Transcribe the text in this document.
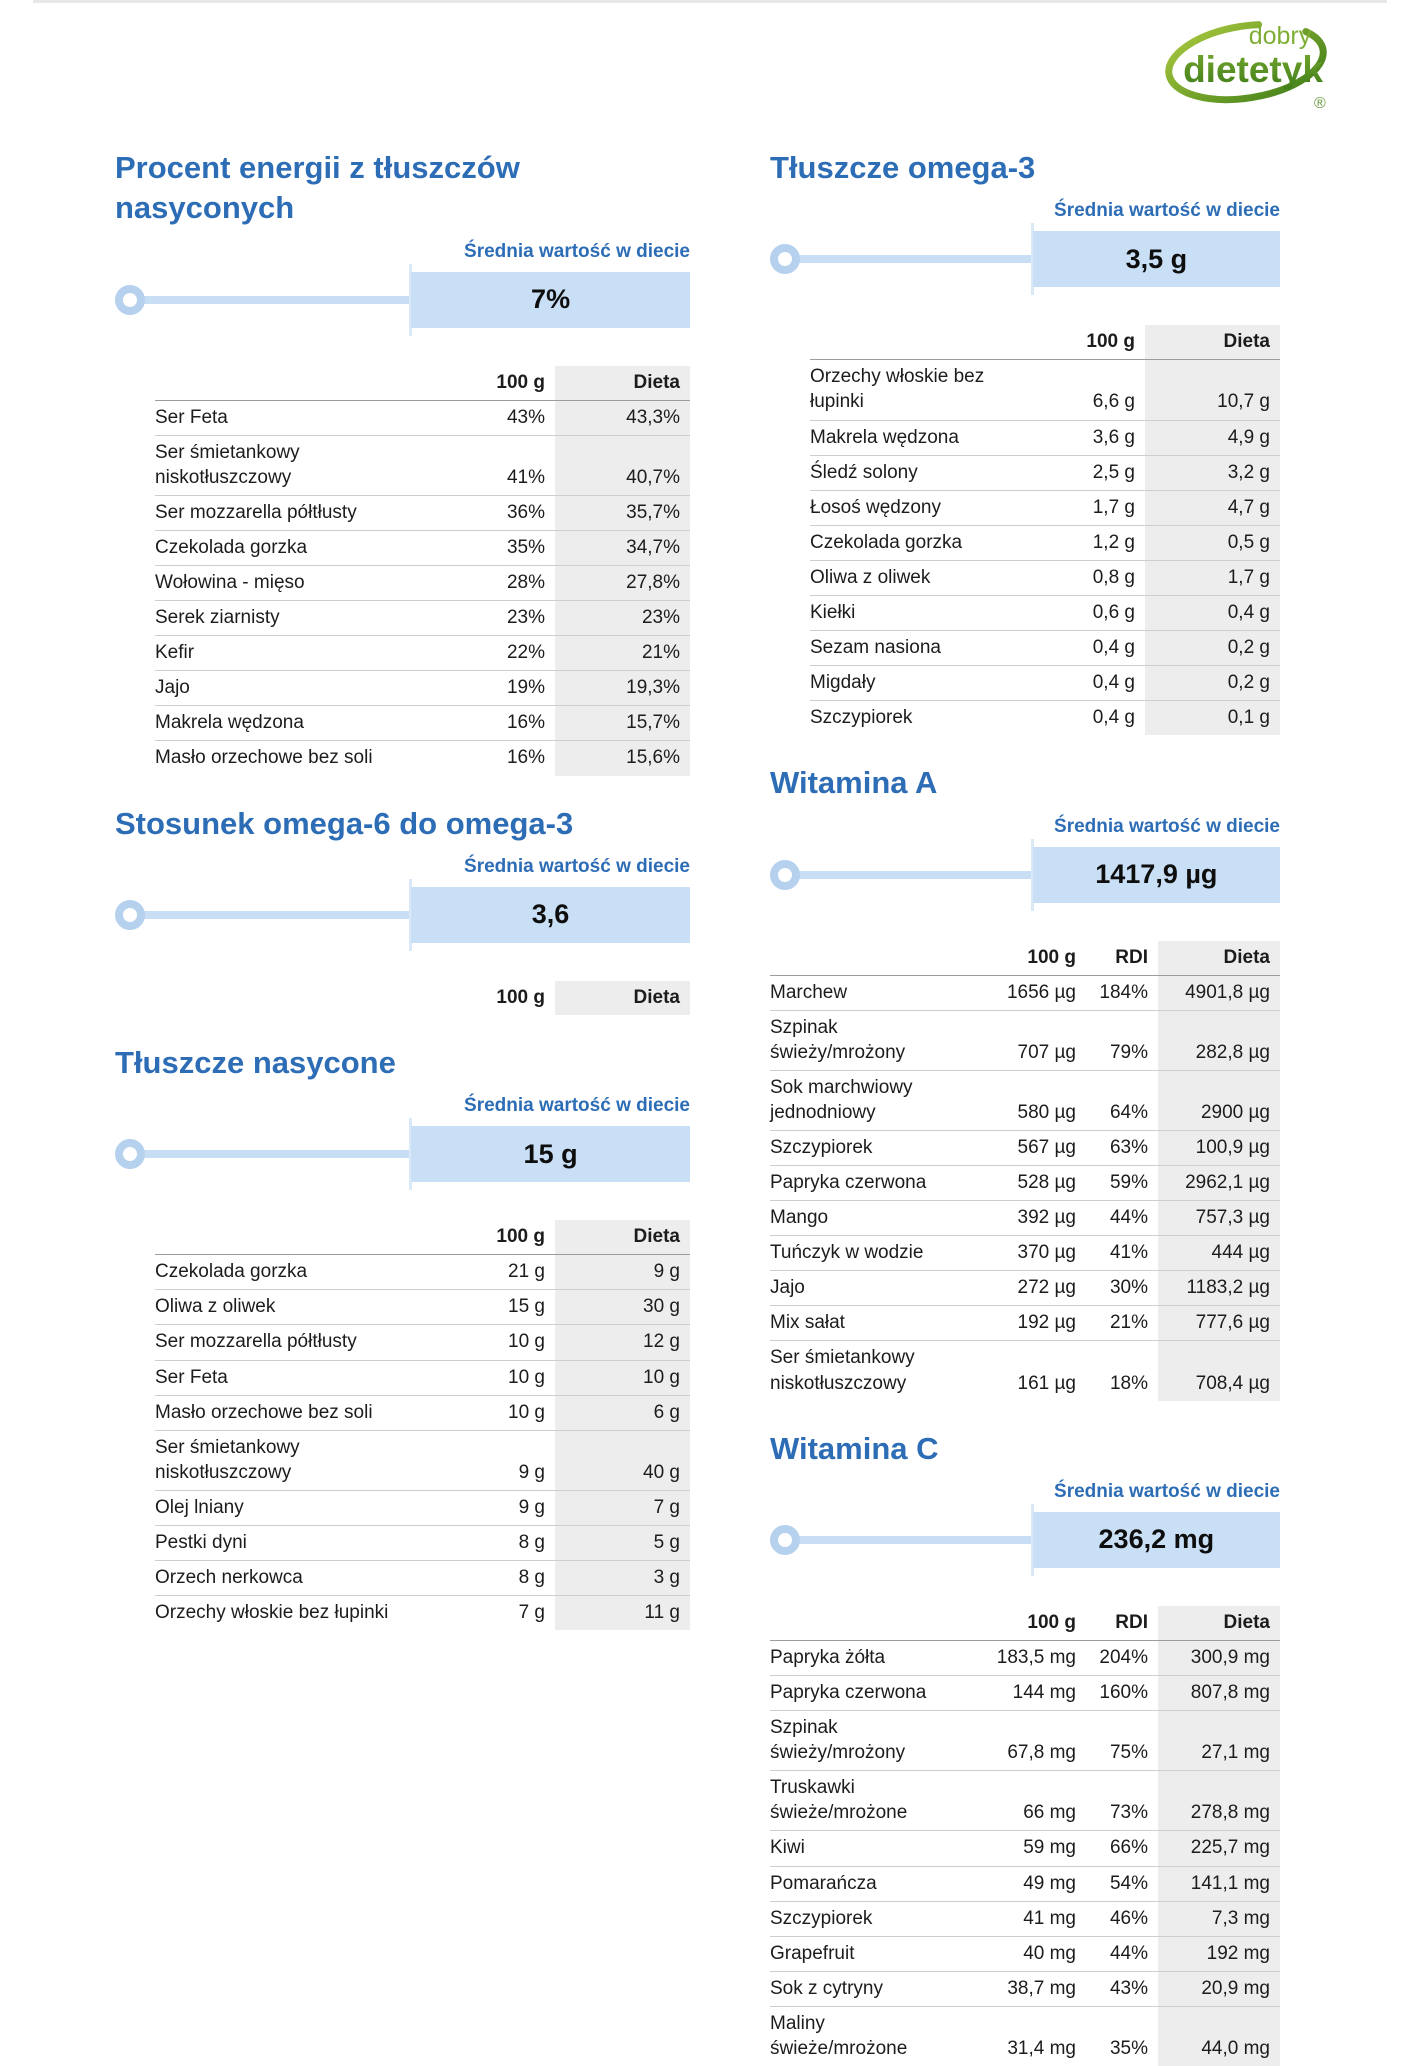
dobry
dietetyk
®
Procent energii z tłuszczów nasyconych
Średnia wartość w diecie
7%
	100 g	Dieta
Ser Feta	43%	43,3%
Ser śmietankowy niskotłuszczowy	41%	40,7%
Ser mozzarella półtłusty	36%	35,7%
Czekolada gorzka	35%	34,7%
Wołowina - mięso	28%	27,8%
Serek ziarnisty	23%	23%
Kefir	22%	21%
Jajo	19%	19,3%
Makrela wędzona	16%	15,7%
Masło orzechowe bez soli	16%	15,6%
Stosunek omega-6 do omega-3
Średnia wartość w diecie
3,6
	100 g	Dieta
Tłuszcze nasycone
Średnia wartość w diecie
15 g
	100 g	Dieta
Czekolada gorzka	21 g	9 g
Oliwa z oliwek	15 g	30 g
Ser mozzarella półtłusty	10 g	12 g
Ser Feta	10 g	10 g
Masło orzechowe bez soli	10 g	6 g
Ser śmietankowy niskotłuszczowy	9 g	40 g
Olej lniany	9 g	7 g
Pestki dyni	8 g	5 g
Orzech nerkowca	8 g	3 g
Orzechy włoskie bez łupinki	7 g	11 g
Tłuszcze omega-3
Średnia wartość w diecie
3,5 g
	100 g	Dieta
Orzechy włoskie bez łupinki	6,6 g	10,7 g
Makrela wędzona	3,6 g	4,9 g
Śledź solony	2,5 g	3,2 g
Łosoś wędzony	1,7 g	4,7 g
Czekolada gorzka	1,2 g	0,5 g
Oliwa z oliwek	0,8 g	1,7 g
Kiełki	0,6 g	0,4 g
Sezam nasiona	0,4 g	0,2 g
Migdały	0,4 g	0,2 g
Szczypiorek	0,4 g	0,1 g
Witamina A
Średnia wartość w diecie
1417,9 µg
	100 g	RDI	Dieta
Marchew	1656 µg	184%	4901,8 µg
Szpinak świeży/mrożony	707 µg	79%	282,8 µg
Sok marchwiowy jednodniowy	580 µg	64%	2900 µg
Szczypiorek	567 µg	63%	100,9 µg
Papryka czerwona	528 µg	59%	2962,1 µg
Mango	392 µg	44%	757,3 µg
Tuńczyk w wodzie	370 µg	41%	444 µg
Jajo	272 µg	30%	1183,2 µg
Mix sałat	192 µg	21%	777,6 µg
Ser śmietankowy niskotłuszczowy	161 µg	18%	708,4 µg
Witamina C
Średnia wartość w diecie
236,2 mg
	100 g	RDI	Dieta
Papryka żółta	183,5 mg	204%	300,9 mg
Papryka czerwona	144 mg	160%	807,8 mg
Szpinak świeży/mrożony	67,8 mg	75%	27,1 mg
Truskawki świeże/mrożone	66 mg	73%	278,8 mg
Kiwi	59 mg	66%	225,7 mg
Pomarańcza	49 mg	54%	141,1 mg
Szczypiorek	41 mg	46%	7,3 mg
Grapefruit	40 mg	44%	192 mg
Sok z cytryny	38,7 mg	43%	20,9 mg
Maliny świeże/mrożone	31,4 mg	35%	44,0 mg
